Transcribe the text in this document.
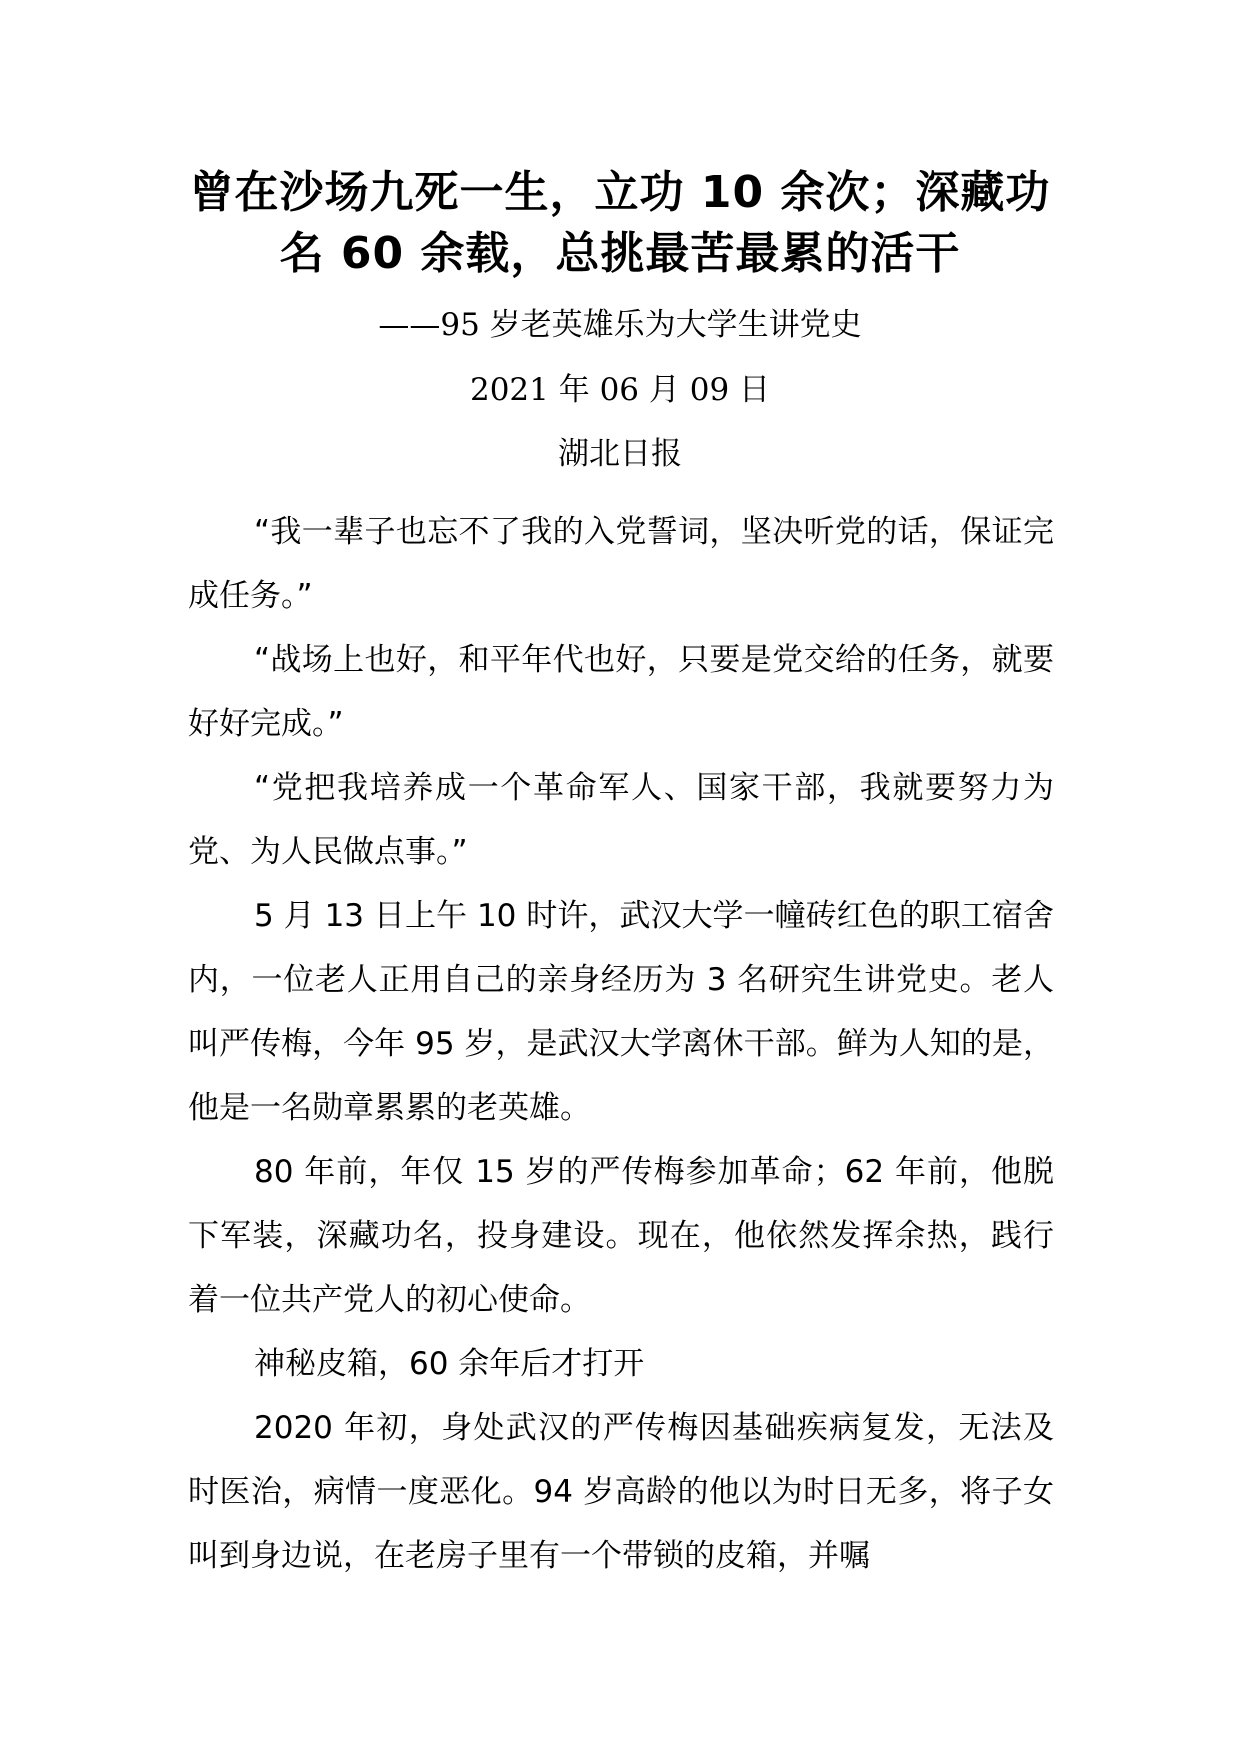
曾在沙场九死一生，立功 10 余次；深藏功
名 60 余载，总挑最苦最累的活干
——95 岁老英雄乐为大学生讲党史
2021 年 06 月 09 日
湖北日报

“我一辈子也忘不了我的入党誓词，坚决听党的话，保证完成任务。”

“战场上也好，和平年代也好，只要是党交给的任务，就要好好完成。”

“党把我培养成一个革命军人、国家干部，我就要努力为党、为人民做点事。”

5 月 13 日上午 10 时许，武汉大学一幢砖红色的职工宿舍内，一位老人正用自己的亲身经历为 3 名研究生讲党史。老人叫严传梅，今年 95 岁，是武汉大学离休干部。鲜为人知的是，他是一名勋章累累的老英雄。

80 年前，年仅 15 岁的严传梅参加革命；62 年前，他脱下军装，深藏功名，投身建设。现在，他依然发挥余热，践行着一位共产党人的初心使命。

神秘皮箱，60 余年后才打开

2020 年初，身处武汉的严传梅因基础疾病复发，无法及时医治，病情一度恶化。94 岁高龄的他以为时日无多，将子女叫到身边说，在老房子里有一个带锁的皮箱，并嘱
